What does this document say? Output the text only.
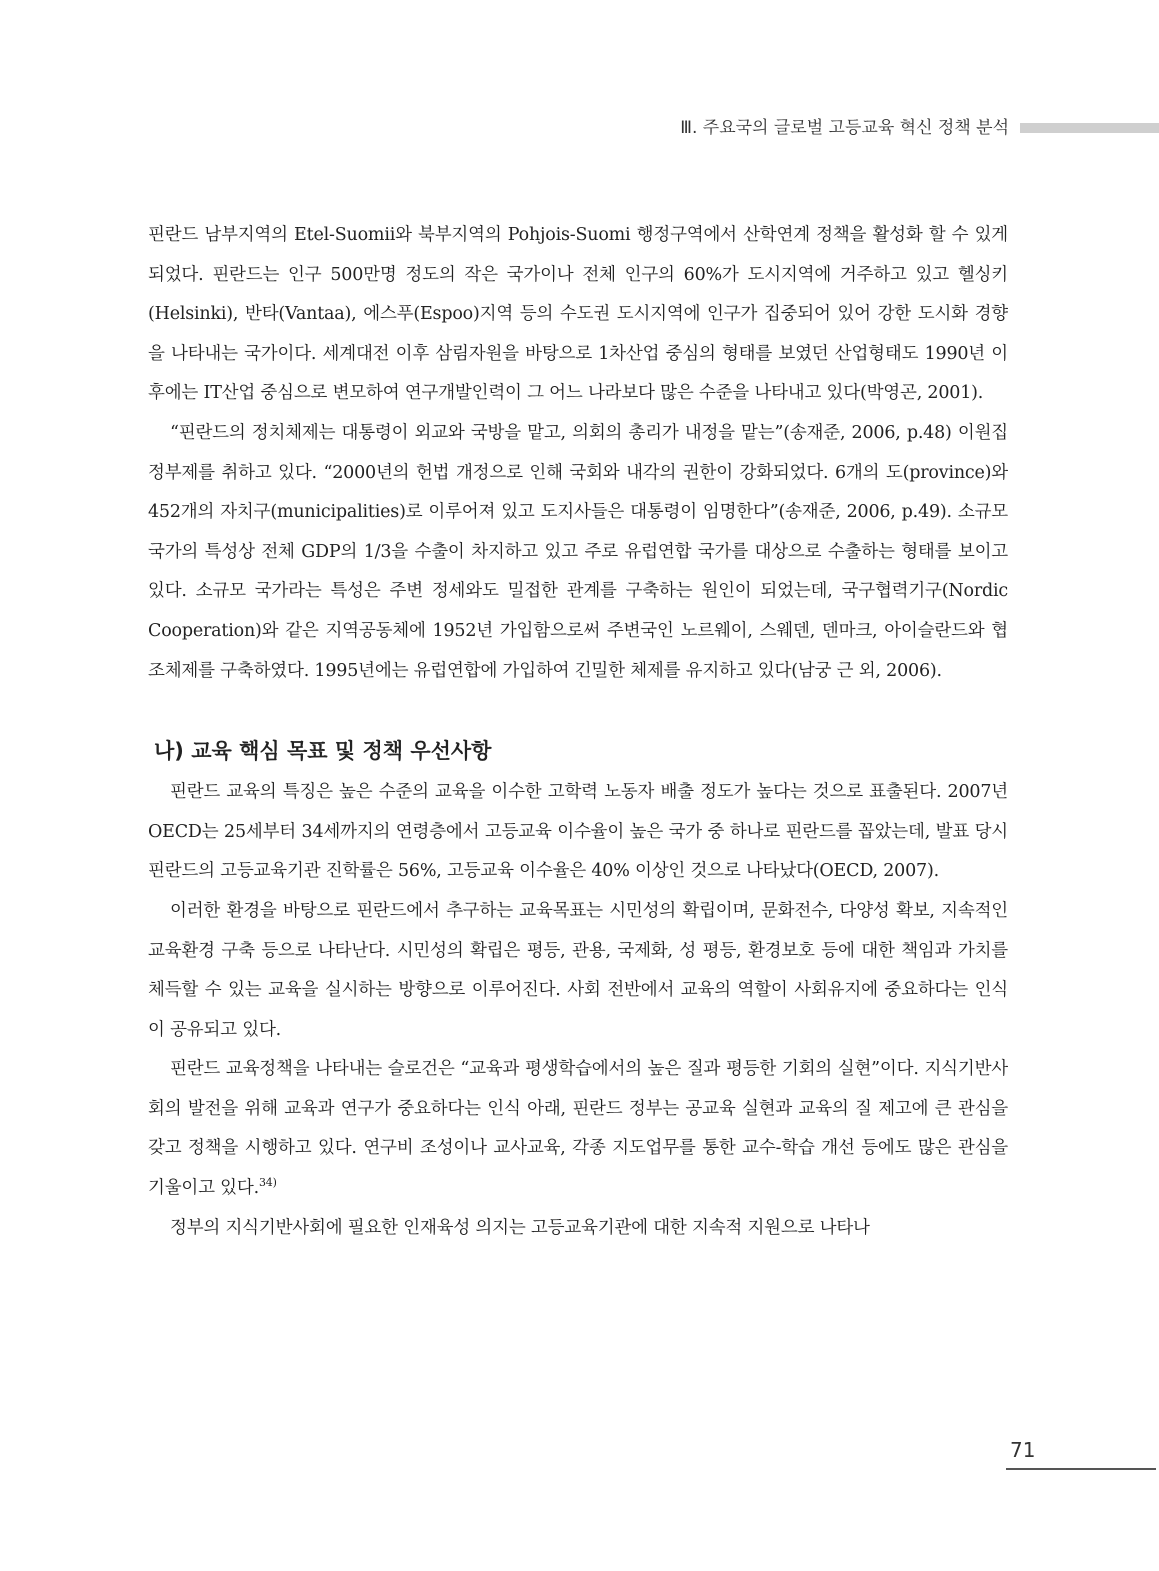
Ⅲ. 주요국의 글로벌 고등교육 혁신 정책 분석

핀란드 남부지역의 Etel-Suomii와 북부지역의 Pohjois-Suomi 행정구역에서 산학연계 정책을 활성화 할 수 있게 되었다. 핀란드는 인구 500만명 정도의 작은 국가이나 전체 인구의 60%가 도시지역에 거주하고 있고 헬싱키(Helsinki), 반타(Vantaa), 에스푸(Espoo)지역 등의 수도권 도시지역에 인구가 집중되어 있어 강한 도시화 경향을 나타내는 국가이다. 세계대전 이후 삼림자원을 바탕으로 1차산업 중심의 형태를 보였던 산업형태도 1990년 이후에는 IT산업 중심으로 변모하여 연구개발인력이 그 어느 나라보다 많은 수준을 나타내고 있다(박영곤, 2001).

“핀란드의 정치체제는 대통령이 외교와 국방을 맡고, 의회의 총리가 내정을 맡는”(송재준, 2006, p.48) 이원집정부제를 취하고 있다. “2000년의 헌법 개정으로 인해 국회와 내각의 권한이 강화되었다. 6개의 도(province)와 452개의 자치구(municipalities)로 이루어져 있고 도지사들은 대통령이 임명한다”(송재준, 2006, p.49). 소규모 국가의 특성상 전체 GDP의 1/3을 수출이 차지하고 있고 주로 유럽연합 국가를 대상으로 수출하는 형태를 보이고 있다. 소규모 국가라는 특성은 주변 정세와도 밀접한 관계를 구축하는 원인이 되었는데, 국구협력기구(Nordic Cooperation)와 같은 지역공동체에 1952년 가입함으로써 주변국인 노르웨이, 스웨덴, 덴마크, 아이슬란드와 협조체제를 구축하였다. 1995년에는 유럽연합에 가입하여 긴밀한 체제를 유지하고 있다(남궁 근 외, 2006).

나) 교육 핵심 목표 및 정책 우선사항

핀란드 교육의 특징은 높은 수준의 교육을 이수한 고학력 노동자 배출 정도가 높다는 것으로 표출된다. 2007년 OECD는 25세부터 34세까지의 연령층에서 고등교육 이수율이 높은 국가 중 하나로 핀란드를 꼽았는데, 발표 당시 핀란드의 고등교육기관 진학률은 56%, 고등교육 이수율은 40% 이상인 것으로 나타났다(OECD, 2007).

이러한 환경을 바탕으로 핀란드에서 추구하는 교육목표는 시민성의 확립이며, 문화전수, 다양성 확보, 지속적인 교육환경 구축 등으로 나타난다. 시민성의 확립은 평등, 관용, 국제화, 성 평등, 환경보호 등에 대한 책임과 가치를 체득할 수 있는 교육을 실시하는 방향으로 이루어진다. 사회 전반에서 교육의 역할이 사회유지에 중요하다는 인식이 공유되고 있다.

핀란드 교육정책을 나타내는 슬로건은 “교육과 평생학습에서의 높은 질과 평등한 기회의 실현”이다. 지식기반사회의 발전을 위해 교육과 연구가 중요하다는 인식 아래, 핀란드 정부는 공교육 실현과 교육의 질 제고에 큰 관심을 갖고 정책을 시행하고 있다. 연구비 조성이나 교사교육, 각종 지도업무를 통한 교수-학습 개선 등에도 많은 관심을 기울이고 있다.$^{34)}$

정부의 지식기반사회에 필요한 인재육성 의지는 고등교육기관에 대한 지속적 지원으로 나타나

71
